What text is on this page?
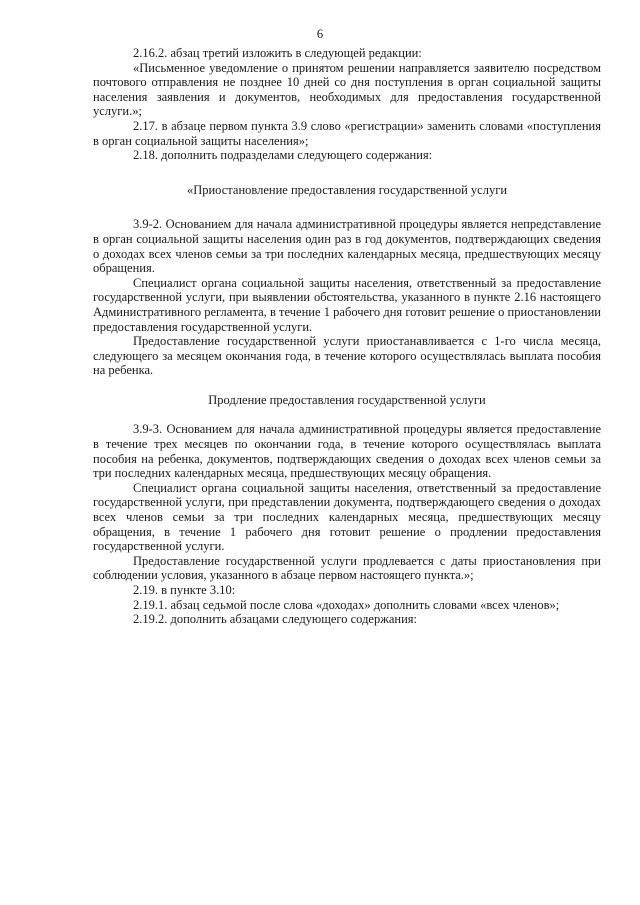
6

2.16.2. абзац третий изложить в следующей редакции:

«Письменное уведомление о принятом решении направляется заявителю посредством почтового отправления не позднее 10 дней со дня поступления в орган социальной защиты населения заявления и документов, необходимых для предоставления государственной услуги.»;

2.17. в абзаце первом пункта 3.9 слово «регистрации» заменить словами «поступления в орган социальной защиты населения»;

2.18. дополнить подразделами следующего содержания:

«Приостановление предоставления государственной услуги

3.9-2. Основанием для начала административной процедуры является непредставление в орган социальной защиты населения один раз в год документов, подтверждающих сведения о доходах всех членов семьи за три последних календарных месяца, предшествующих месяцу обращения.

Специалист органа социальной защиты населения, ответственный за предоставление государственной услуги, при выявлении обстоятельства, указанного в пункте 2.16 настоящего Административного регламента, в течение 1 рабочего дня готовит решение о приостановлении предоставления государственной услуги.

Предоставление государственной услуги приостанавливается с 1-го числа месяца, следующего за месяцем окончания года, в течение которого осуществлялась выплата пособия на ребенка.

Продление предоставления государственной услуги

3.9-3. Основанием для начала административной процедуры является предоставление в течение трех месяцев по окончании года, в течение которого осуществлялась выплата пособия на ребенка, документов, подтверждающих сведения о доходах всех членов семьи за три последних календарных месяца, предшествующих месяцу обращения.

Специалист органа социальной защиты населения, ответственный за предоставление государственной услуги, при представлении документа, подтверждающего сведения о доходах всех членов семьи за три последних календарных месяца, предшествующих месяцу обращения, в течение 1 рабочего дня готовит решение о продлении предоставления государственной услуги.

Предоставление государственной услуги продлевается с даты приостановления при соблюдении условия, указанного в абзаце первом настоящего пункта.»;

2.19. в пункте 3.10:

2.19.1. абзац седьмой после слова «доходах» дополнить словами «всех членов»;

2.19.2. дополнить абзацами следующего содержания:
